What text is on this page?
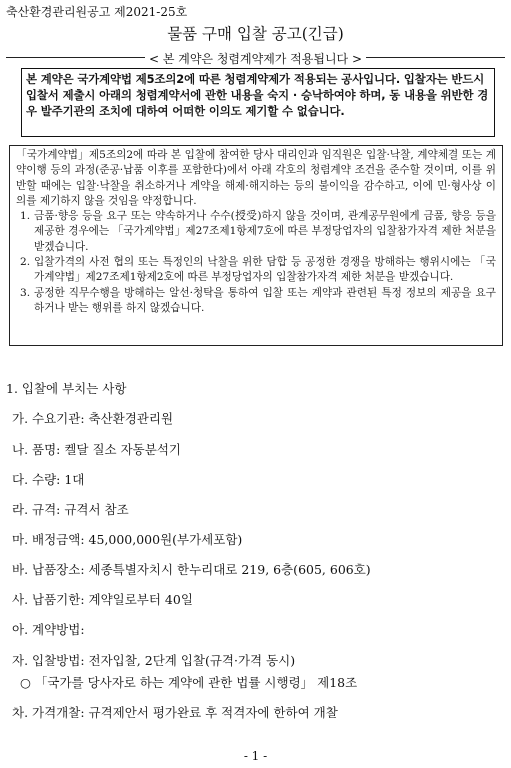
축산환경관리원공고 제2021-25호
물품 구매 입찰 공고(긴급)
< 본 계약은 청렴계약제가 적용됩니다 >
본 계약은 국가계약법 제5조의2에 따른 청렴계약제가 적용되는 공사입니다. 입찰자는 반드시 입찰서 제출시 아래의 청렴계약서에 관한 내용을 숙지 · 승낙하여야 하며, 동 내용을 위반한 경우 발주기관의 조치에 대하여 어떠한 이의도 제기할 수 없습니다.

「국가계약법」제5조의2에 따라 본 입찰에 참여한 당사 대리인과 임직원은 입찰·낙찰, 계약체결 또는 계약이행 등의 과정(준공·납품 이후를 포함한다)에서 아래 각호의 청렴계약 조건을 준수할 것이며, 이를 위반할 때에는 입찰·낙찰을 취소하거나 계약을 해제·해지하는 등의 불이익을 감수하고, 이에 민·형사상 이의를 제기하지 않을 것임을 약정합니다.

1. 금품·향응 등을 요구 또는 약속하거나 수수(授受)하지 않을 것이며, 관계공무원에게 금품, 향응 등을 제공한 경우에는 「국가계약법」제27조제1항제7호에 따른 부정당업자의 입찰참가자격 제한 처분을 받겠습니다.
2. 입찰가격의 사전 협의 또는 특정인의 낙찰을 위한 담합 등 공정한 경쟁을 방해하는 행위시에는 「국가계약법」제27조제1항제2호에 따른 부정당업자의 입찰참가자격 제한 처분을 받겠습니다.
3. 공정한 직무수행을 방해하는 알선·청탁을 통하여 입찰 또는 계약과 관련된 특정 정보의 제공을 요구하거나 받는 행위를 하지 않겠습니다.
1. 입찰에 부치는 사항
가. 수요기관: 축산환경관리원
나. 품명: 켈달 질소 자동분석기
다. 수량: 1대
라. 규격: 규격서 참조
마. 배정금액: 45,000,000원(부가세포함)
바. 납품장소: 세종특별자치시 한누리대로 219, 6층(605, 606호)
사. 납품기한: 계약일로부터 40일
아. 계약방법:
자. 입찰방법: 전자입찰, 2단계 입찰(규격·가격 동시)
○ 「국가를 당사자로 하는 계약에 관한 법률 시행령」 제18조
차. 가격개찰: 규격제안서 평가완료 후 적격자에 한하여 개찰
- 1 -
